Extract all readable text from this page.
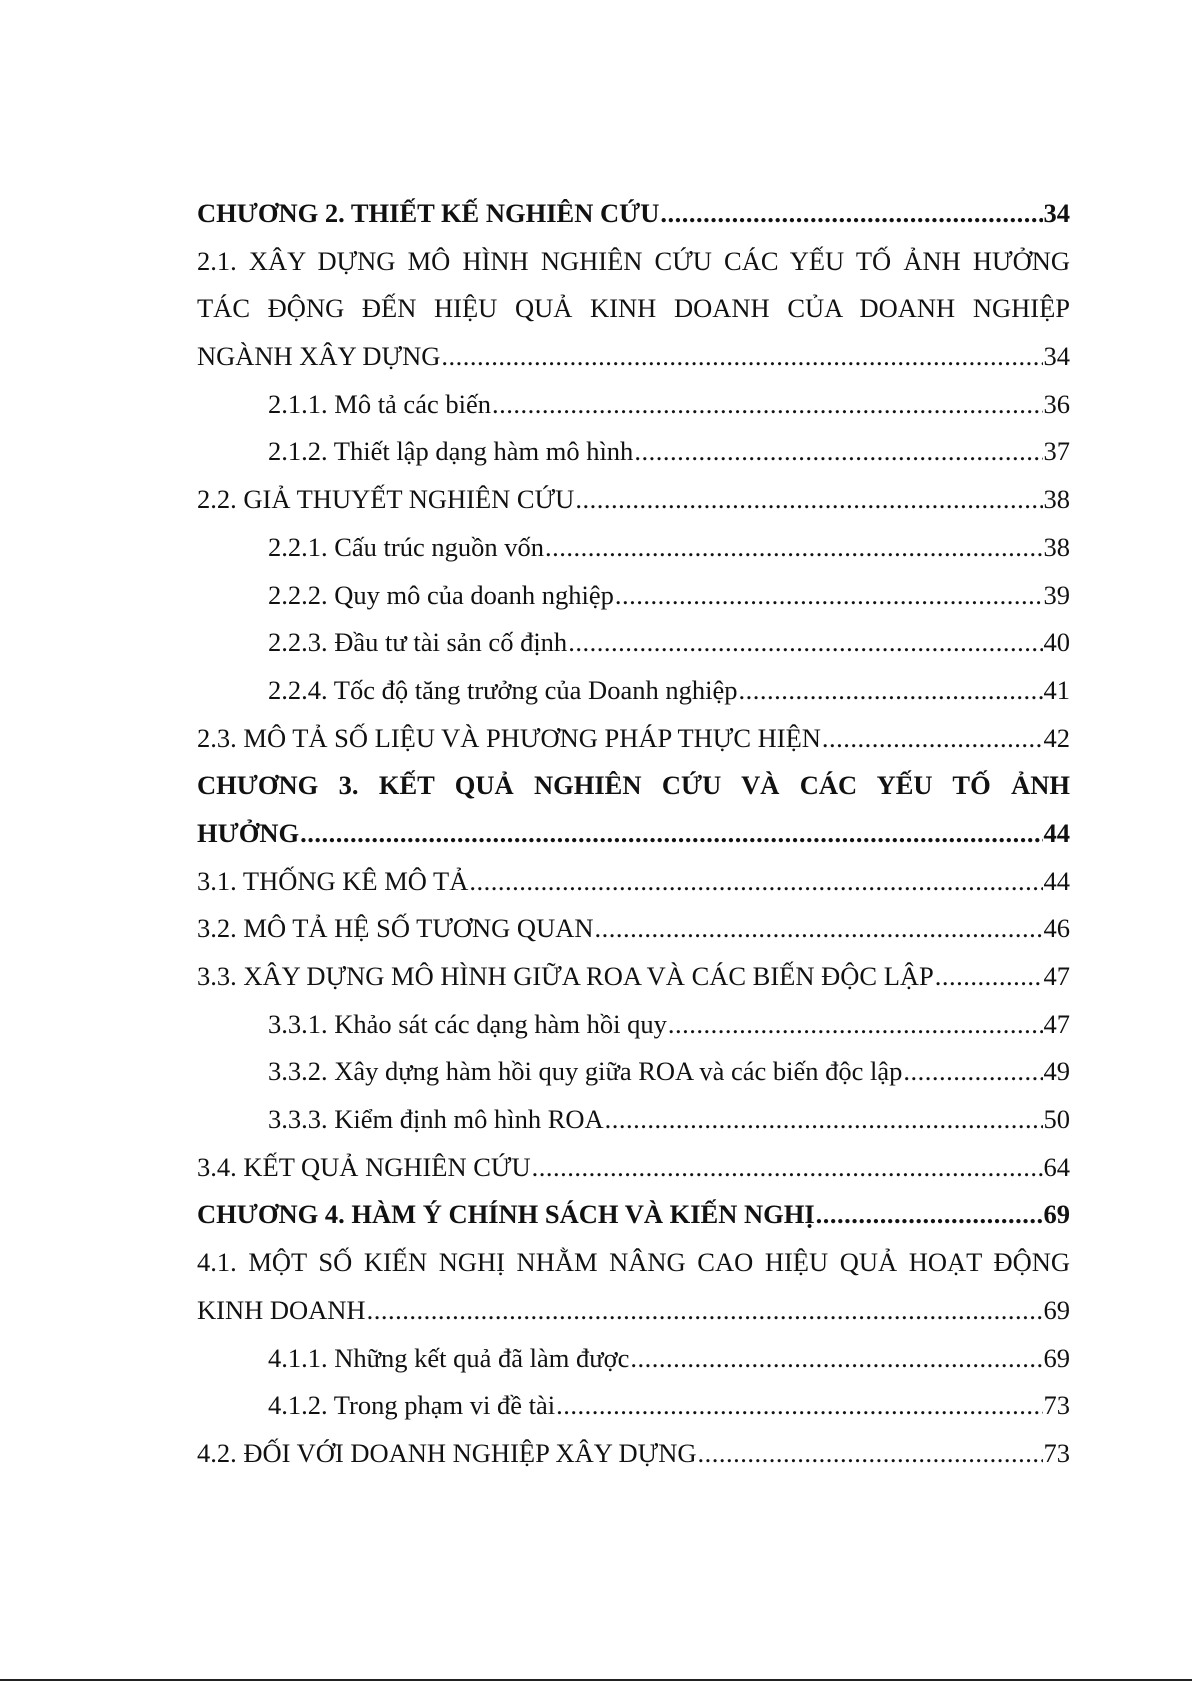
CHƯƠNG 2. THIẾT KẾ NGHIÊN CỨU .....	34
2.1. XÂY DỰNG MÔ HÌNH NGHIÊN CỨU CÁC YẾU TỐ ẢNH HƯỞNG
TÁC ĐỘNG ĐẾN HIỆU QUẢ KINH DOANH CỦA DOANH NGHIỆP
NGÀNH XÂY DỰNG .....	34
2.1.1. Mô tả các biến .....	36
2.1.2. Thiết lập dạng hàm mô hình .....	37
2.2. GIẢ THUYẾT NGHIÊN CỨU .....	38
2.2.1. Cấu trúc nguồn vốn .....	38
2.2.2. Quy mô của doanh nghiệp .....	39
2.2.3. Đầu tư tài sản cố định .....	40
2.2.4. Tốc độ tăng trưởng của Doanh nghiệp .....	41
2.3. MÔ TẢ SỐ LIỆU VÀ PHƯƠNG PHÁP THỰC HIỆN .....	42
CHƯƠNG 3. KẾT QUẢ NGHIÊN CỨU VÀ CÁC YẾU TỐ ẢNH
HƯỞNG .....	44
3.1. THỐNG KÊ MÔ TẢ .....	44
3.2. MÔ TẢ HỆ SỐ TƯƠNG QUAN .....	46
3.3. XÂY DỰNG MÔ HÌNH GIỮA ROA VÀ CÁC BIẾN ĐỘC LẬP .....	47
3.3.1. Khảo sát các dạng hàm hồi quy .....	47
3.3.2. Xây dựng hàm hồi quy giữa ROA và các biến độc lập .....	49
3.3.3. Kiểm định mô hình ROA .....	50
3.4. KẾT QUẢ NGHIÊN CỨU .....	64
CHƯƠNG 4. HÀM Ý CHÍNH SÁCH VÀ KIẾN NGHỊ .....	69
4.1. MỘT SỐ KIẾN NGHỊ NHẰM NÂNG CAO HIỆU QUẢ HOẠT ĐỘNG
KINH DOANH .....	69
4.1.1. Những kết quả đã làm được .....	69
4.1.2. Trong phạm vi đề tài .....	73
4.2. ĐỐI VỚI DOANH NGHIỆP XÂY DỰNG .....	73
